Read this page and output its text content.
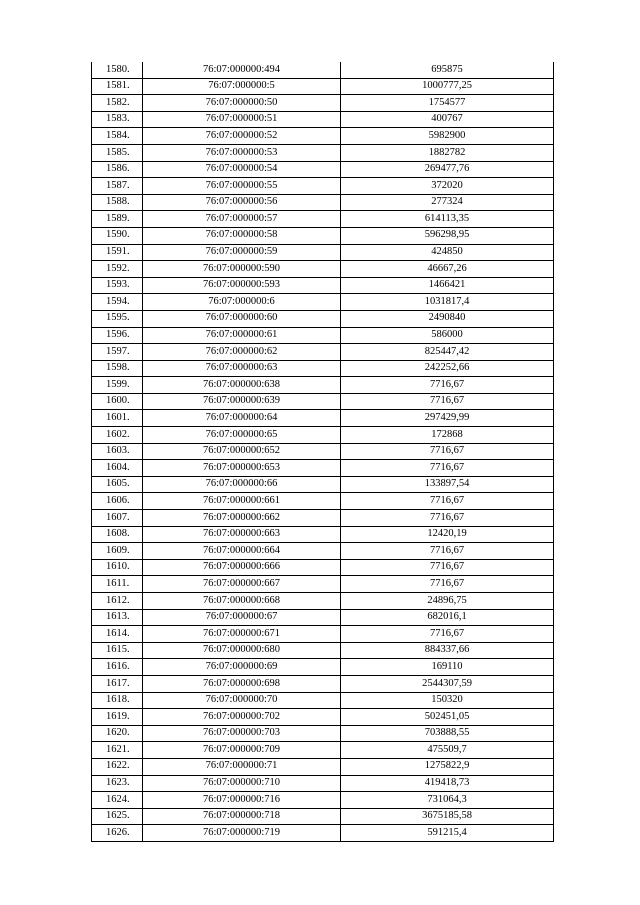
1580.	76:07:000000:494	695875
1581.	76:07:000000:5	1000777,25
1582.	76:07:000000:50	1754577
1583.	76:07:000000:51	400767
1584.	76:07:000000:52	5982900
1585.	76:07:000000:53	1882782
1586.	76:07:000000:54	269477,76
1587.	76:07:000000:55	372020
1588.	76:07:000000:56	277324
1589.	76:07:000000:57	614113,35
1590.	76:07:000000:58	596298,95
1591.	76:07:000000:59	424850
1592.	76:07:000000:590	46667,26
1593.	76:07:000000:593	1466421
1594.	76:07:000000:6	1031817,4
1595.	76:07:000000:60	2490840
1596.	76:07:000000:61	586000
1597.	76:07:000000:62	825447,42
1598.	76:07:000000:63	242252,66
1599.	76:07:000000:638	7716,67
1600.	76:07:000000:639	7716,67
1601.	76:07:000000:64	297429,99
1602.	76:07:000000:65	172868
1603.	76:07:000000:652	7716,67
1604.	76:07:000000:653	7716,67
1605.	76:07:000000:66	133897,54
1606.	76:07:000000:661	7716,67
1607.	76:07:000000:662	7716,67
1608.	76:07:000000:663	12420,19
1609.	76:07:000000:664	7716,67
1610.	76:07:000000:666	7716,67
1611.	76:07:000000:667	7716,67
1612.	76:07:000000:668	24896,75
1613.	76:07:000000:67	682016,1
1614.	76:07:000000:671	7716,67
1615.	76:07:000000:680	884337,66
1616.	76:07:000000:69	169110
1617.	76:07:000000:698	2544307,59
1618.	76:07:000000:70	150320
1619.	76:07:000000:702	502451,05
1620.	76:07:000000:703	703888,55
1621.	76:07:000000:709	475509,7
1622.	76:07:000000:71	1275822,9
1623.	76:07:000000:710	419418,73
1624.	76:07:000000:716	731064,3
1625.	76:07:000000:718	3675185,58
1626.	76:07:000000:719	591215,4
